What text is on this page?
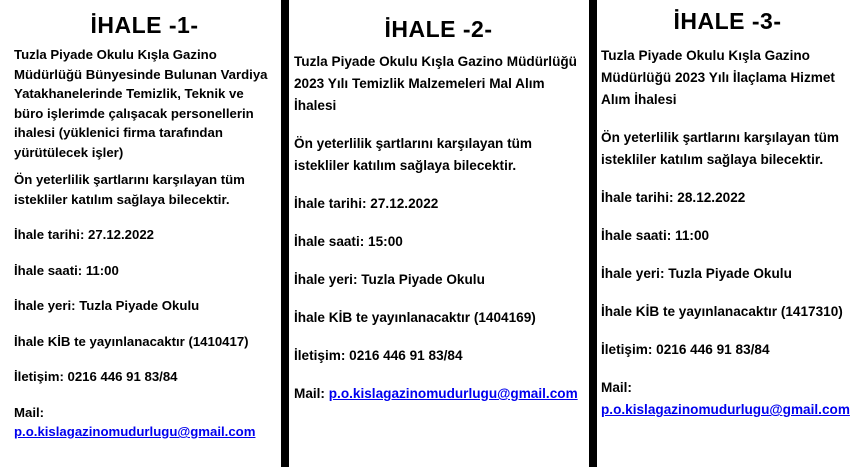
İHALE -1-

Tuzla Piyade Okulu Kışla Gazino Müdürlüğü Bünyesinde Bulunan Vardiya Yatakhanelerinde Temizlik, Teknik ve büro işlerimde çalışacak personellerin ihalesi (yüklenici firma tarafından yürütülecek işler)

Ön yeterlilik şartlarını karşılayan tüm istekliler katılım sağlaya bilecektir.

İhale tarihi: 27.12.2022

İhale saati: 11:00

İhale yeri: Tuzla Piyade Okulu

İhale KİB te yayınlanacaktır (1410417)

İletişim: 0216 446 91 83/84

Mail: p.o.kislagazinomudurlugu@gmail.com

İHALE -2-

Tuzla Piyade Okulu Kışla Gazino Müdürlüğü 2023 Yılı Temizlik Malzemeleri Mal Alım İhalesi

Ön yeterlilik şartlarını karşılayan tüm istekliler katılım sağlaya bilecektir.

İhale tarihi: 27.12.2022

İhale saati: 15:00

İhale yeri: Tuzla Piyade Okulu

İhale KİB te yayınlanacaktır (1404169)

İletişim: 0216 446 91 83/84

Mail: p.o.kislagazinomudurlugu@gmail.com

İHALE -3-

Tuzla Piyade Okulu Kışla Gazino Müdürlüğü 2023 Yılı İlaçlama Hizmet Alım İhalesi

Ön yeterlilik şartlarını karşılayan tüm istekliler katılım sağlaya bilecektir.

İhale tarihi: 28.12.2022

İhale saati: 11:00

İhale yeri: Tuzla Piyade Okulu

İhale KİB te yayınlanacaktır (1417310)

İletişim: 0216 446 91 83/84

Mail:

p.o.kislagazinomudurlugu@gmail.com
